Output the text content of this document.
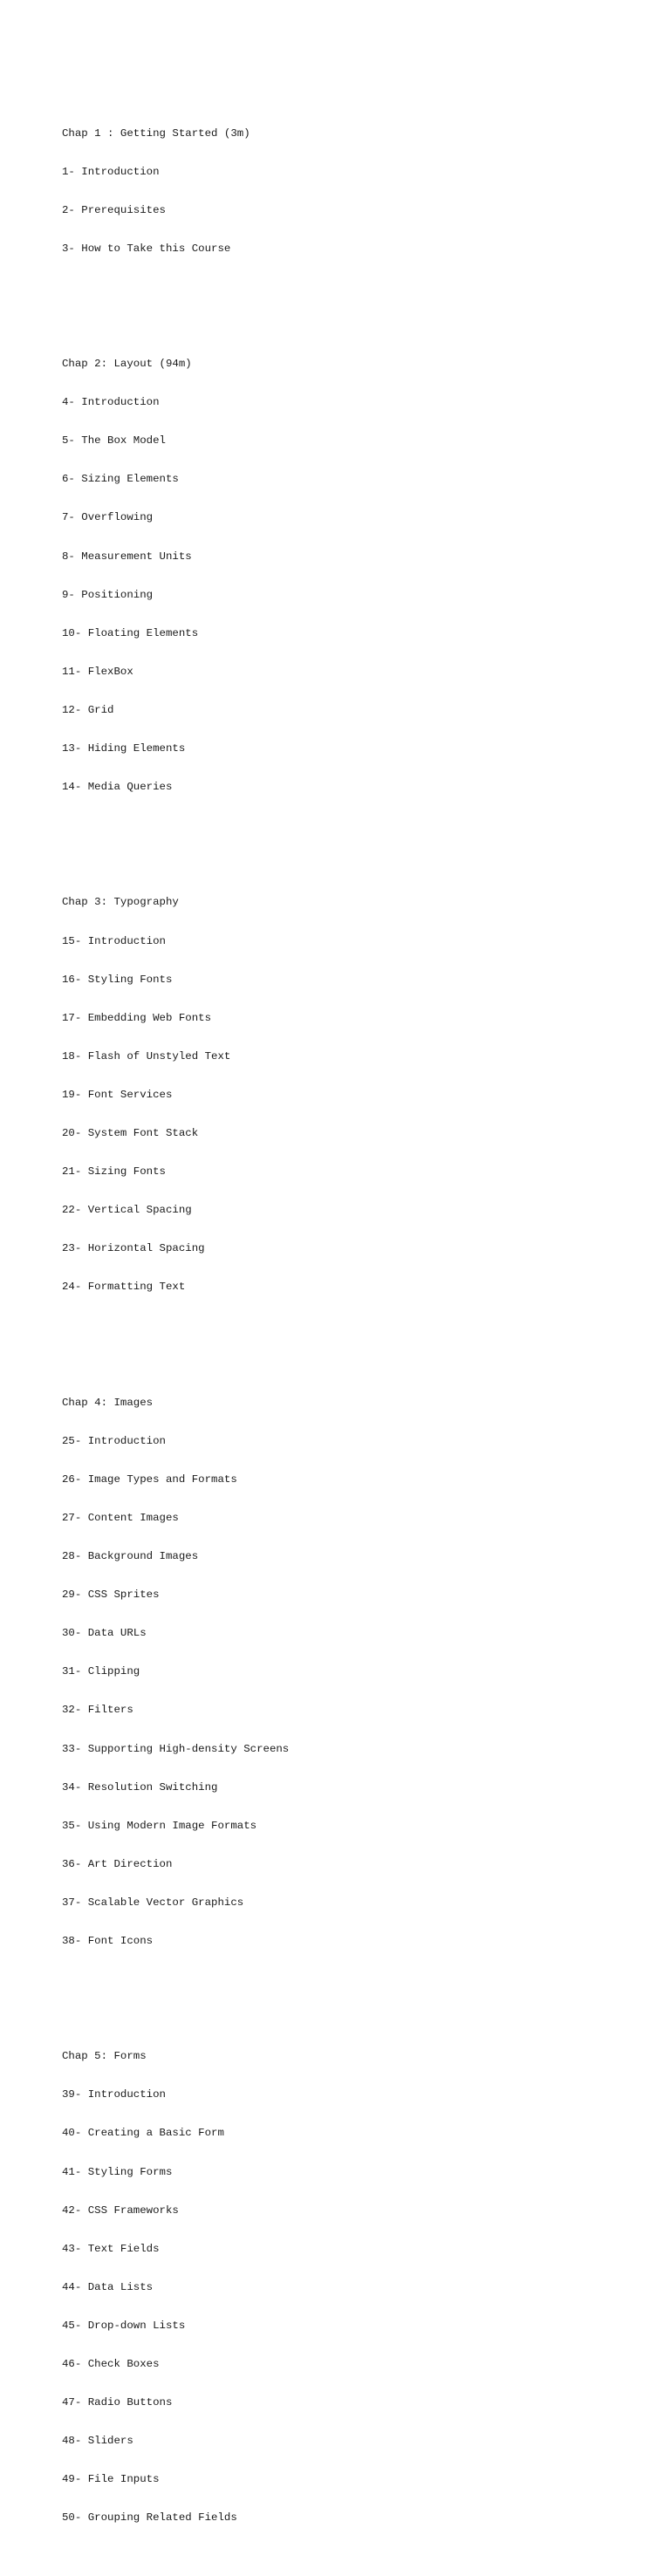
Chap 1 : Getting Started (3m)

1- Introduction

2- Prerequisites

3- How to Take this Course

Chap 2: Layout (94m)

4- Introduction

5- The Box Model

6- Sizing Elements

7- Overflowing

8- Measurement Units

9- Positioning

10- Floating Elements

11- FlexBox

12- Grid

13- Hiding Elements

14- Media Queries

Chap 3: Typography

15- Introduction

16- Styling Fonts

17- Embedding Web Fonts

18- Flash of Unstyled Text

19- Font Services

20- System Font Stack

21- Sizing Fonts

22- Vertical Spacing

23- Horizontal Spacing

24- Formatting Text

Chap 4: Images

25- Introduction

26- Image Types and Formats

27- Content Images

28- Background Images

29- CSS Sprites

30- Data URLs

31- Clipping

32- Filters

33- Supporting High-density Screens

34- Resolution Switching

35- Using Modern Image Formats

36- Art Direction

37- Scalable Vector Graphics

38- Font Icons

Chap 5: Forms

39- Introduction

40- Creating a Basic Form

41- Styling Forms

42- CSS Frameworks

43- Text Fields

44- Data Lists

45- Drop-down Lists

46- Check Boxes

47- Radio Buttons

48- Sliders

49- File Inputs

50- Grouping Related Fields
